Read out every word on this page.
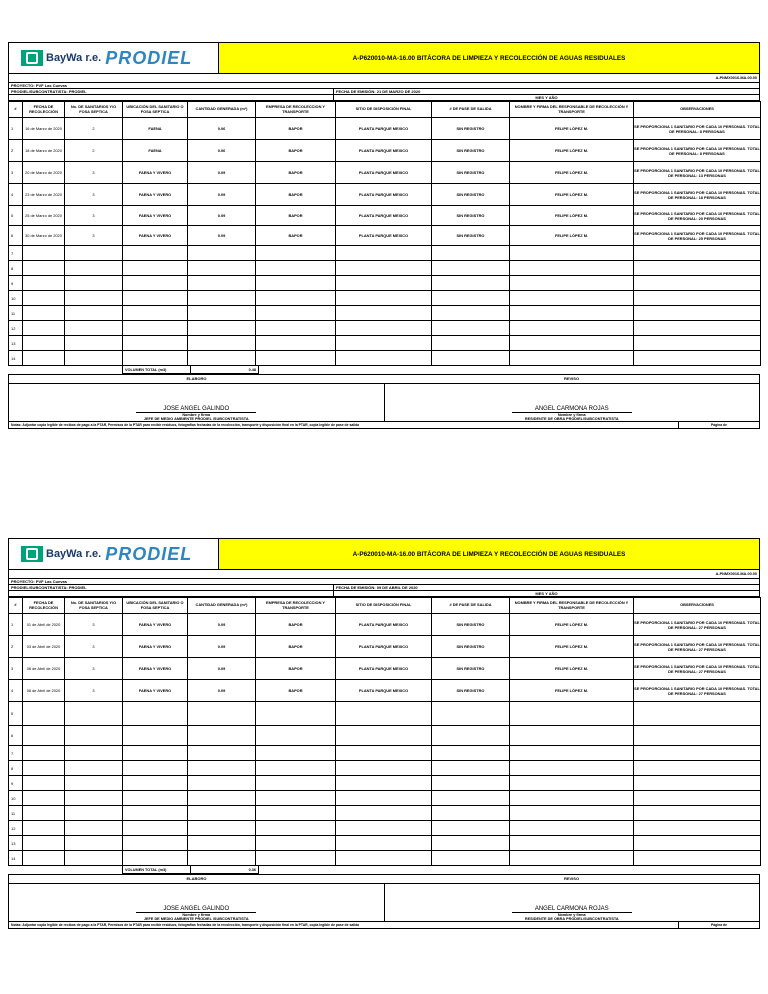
BayWa r.e. PRODIEL	A-P620010-MA-16.00 BITÁCORA DE LIMPIEZA Y RECOLECCIÓN DE AGUAS RESIDUALES
A-PNMX0016-MA-00.00
PROYECTO: PVF Las Cuevas
PRODIEL/SUBCONTRATISTA: PRODIEL	FECHA DE EMISIÓN: 21 DE MARZO DE 2020
MES Y AÑO
#	FECHA DE RECOLECCIÓN	No. DE SANITARIOS Y/O FOSA SEPTICA	UBICACIÓN DEL SANITARIO O FOSA SEPTICA	CANTIDAD GENERADA (m³)	EMPRESA DE RECOLECCION Y TRANSPORTE	SITIO DE DISPOSICIÓN FINAL	# DE PASE DE SALIDA	NOMBRE Y FIRMA DEL RESPONSABLE DE RECOLECCIÓN Y TRANSPORTE	OBSERVACIONES
1	16 de Marzo de 2020	2	FAENA	0.06	BAPOR	PLANTA PARQUE MEXICO	SIN REGISTRO	FELIPE LÓPEZ M.	SE PROPORCIONA 1 SANITARIO POR CADA 10 PERSONAS. TOTAL DE PERSONAL: 8 PERSONAS
2	18 de Marzo de 2020	2	FAENA	0.06	BAPOR	PLANTA PARQUE MEXICO	SIN REGISTRO	FELIPE LÓPEZ M.	SE PROPORCIONA 1 SANITARIO POR CADA 10 PERSONAS. TOTAL DE PERSONAL: 8 PERSONAS
3	20 de Marzo de 2020	3	FAENA Y VIVERO	0.09	BAPOR	PLANTA PARQUE MEXICO	SIN REGISTRO	FELIPE LÓPEZ M.	SE PROPORCIONA 1 SANITARIO POR CADA 10 PERSONAS. TOTAL DE PERSONAL: 13 PERSONAS
4	23 de Marzo de 2020	3	FAENA Y VIVERO	0.09	BAPOR	PLANTA PARQUE MEXICO	SIN REGISTRO	FELIPE LÓPEZ M.	SE PROPORCIONA 1 SANITARIO POR CADA 10 PERSONAS. TOTAL DE PERSONAL: 18 PERSONAS
5	25 de Marzo de 2020	3	FAENA Y VIVERO	0.09	BAPOR	PLANTA PARQUE MEXICO	SIN REGISTRO	FELIPE LÓPEZ M.	SE PROPORCIONA 1 SANITARIO POR CADA 10 PERSONAS. TOTAL DE PERSONAL: 20 PERSONAS
6	30 de Marzo de 2020	3	FAENA Y VIVERO	0.09	BAPOR	PLANTA PARQUE MEXICO	SIN REGISTRO	FELIPE LÓPEZ M.	SE PROPORCIONA 1 SANITARIO POR CADA 10 PERSONAS. TOTAL DE PERSONAL: 25 PERSONAS
7									
8									
9									
10									
11									
12									
13									
14									
VOLUMEN TOTAL (m3)	0.48
ELABORO	REVISO
JOSE ANGEL GALINDO
Nombre y firma
JEFE DE MEDIO AMBIENTE PRODIEL /SUBCONTRATISTA
ANGEL CARMONA ROJAS
Nombre y firma
RESIDENTE DE OBRA PRODIEL/SUBCONTRATISTA
Notas: Adjuntar copia legible de recibos de pago a la PTAR, Permisos de la PTAR para recibir residuos, fotografias fechadas de la recolección, transporte y disposición final en la PTAR, copia legible de pase de salida	Página de
BayWa r.e. PRODIEL	A-P620010-MA-16.00 BITÁCORA DE LIMPIEZA Y RECOLECCIÓN DE AGUAS RESIDUALES
A-PNMX0016-MA-00.00
PROYECTO: PVF Las Cuevas
PRODIEL/SUBCONTRATISTA: PRODIEL	FECHA DE EMISIÓN: 09 DE ABRIL DE 2020
MES Y AÑO
#	FECHA DE RECOLECCIÓN	No. DE SANITARIOS Y/O FOSA SEPTICA	UBICACIÓN DEL SANITARIO O FOSA SEPTICA	CANTIDAD GENERADA (m³)	EMPRESA DE RECOLECCION Y TRANSPORTE	SITIO DE DISPOSICIÓN FINAL	# DE PASE DE SALIDA	NOMBRE Y FIRMA DEL RESPONSABLE DE RECOLECCIÓN Y TRANSPORTE	OBSERVACIONES
1	01 de Abril de 2020	3	FAENA Y VIVERO	0.09	BAPOR	PLANTA PARQUE MEXICO	SIN REGISTRO	FELIPE LÓPEZ M.	SE PROPORCIONA 1 SANITARIO POR CADA 10 PERSONAS. TOTAL DE PERSONAL: 27 PERSONAS
2	03 de Abril de 2020	3	FAENA Y VIVERO	0.09	BAPOR	PLANTA PARQUE MEXICO	SIN REGISTRO	FELIPE LÓPEZ M.	SE PROPORCIONA 1 SANITARIO POR CADA 10 PERSONAS. TOTAL DE PERSONAL: 27 PERSONAS
3	06 de Abril de 2020	3	FAENA Y VIVERO	0.09	BAPOR	PLANTA PARQUE MEXICO	SIN REGISTRO	FELIPE LÓPEZ M.	SE PROPORCIONA 1 SANITARIO POR CADA 10 PERSONAS. TOTAL DE PERSONAL: 27 PERSONAS
4	08 de Abril de 2020	3	FAENA Y VIVERO	0.09	BAPOR	PLANTA PARQUE MEXICO	SIN REGISTRO	FELIPE LÓPEZ M.	SE PROPORCIONA 1 SANITARIO POR CADA 10 PERSONAS. TOTAL DE PERSONAL: 27 PERSONAS
5									
6									
7									
8									
9									
10									
11									
12									
13									
14									
VOLUMEN TOTAL (m3)	0.36
ELABORO	REVISO
JOSE ANGEL GALINDO
Nombre y firma
JEFE DE MEDIO AMBIENTE PRODIEL /SUBCONTRATISTA
ANGEL CARMONA ROJAS
Nombre y firma
RESIDENTE DE OBRA PRODIEL/SUBCONTRATISTA
Notas: Adjuntar copia legible de recibos de pago a la PTAR, Permisos de la PTAR para recibir residuos, fotografias fechadas de la recolección, transporte y disposición final en la PTAR, copia legible de pase de salida	Página de
